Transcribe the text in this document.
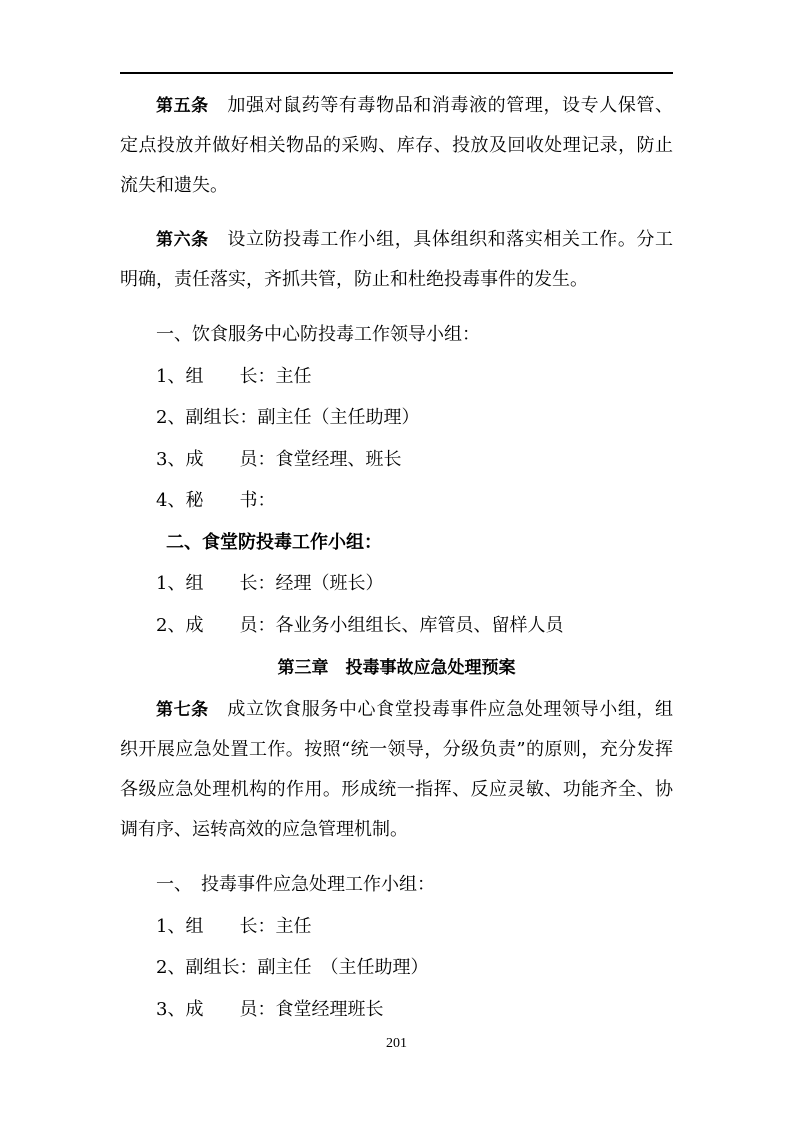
第五条　加强对鼠药等有毒物品和消毒液的管理，设专人保管、定点投放并做好相关物品的采购、库存、投放及回收处理记录，防止流失和遗失。

第六条　设立防投毒工作小组，具体组织和落实相关工作。分工明确，责任落实，齐抓共管，防止和杜绝投毒事件的发生。

一、饮食服务中心防投毒工作领导小组：

1、组　　长：主任

2、副组长：副主任（主任助理）

3、成　　员：食堂经理、班长

4、秘　　书：

二、食堂防投毒工作小组：

1、组　　长：经理（班长）

2、成　　员：各业务小组组长、库管员、留样人员

第三章　投毒事故应急处理预案

第七条　成立饮食服务中心食堂投毒事件应急处理领导小组，组织开展应急处置工作。按照“统一领导，分级负责”的原则，充分发挥各级应急处理机构的作用。形成统一指挥、反应灵敏、功能齐全、协调有序、运转高效的应急管理机制。

一、　投毒事件应急处理工作小组：

1、组　　长：主任

2、副组长：副主任　（主任助理）

3、成　　员：食堂经理班长

201
